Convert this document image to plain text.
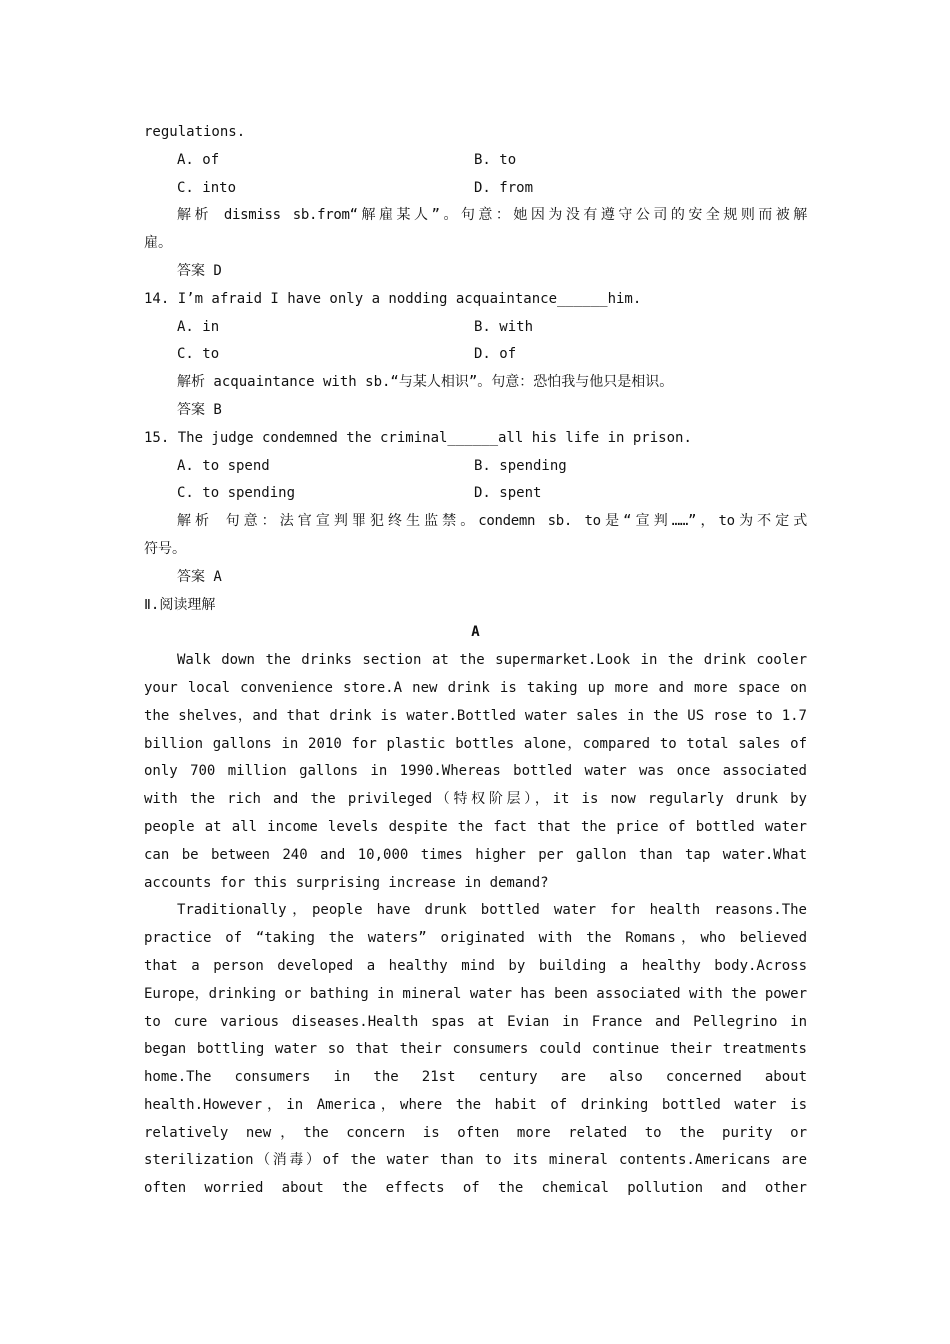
regulations.
A. of	B. to
C. into	D. from
解析 dismiss sb.from“解雇某人”。句意：她因为没有遵守公司的安全规则而被解
雇。
答案 D
14. I’m afraid I have only a nodding acquaintance______him.
A. in	B. with
C. to	D. of
解析 acquaintance with sb.“与某人相识”。句意：恐怕我与他只是相识。
答案 B
15. The judge condemned the criminal______all his life in prison.
A. to spend	B. spending
C. to spending	D. spent
解析 句意：法官宣判罪犯终生监禁。condemn sb. to是“宣判……”，to为不定式
符号。
答案 A
Ⅱ.阅读理解
A
Walk down the drinks section at the supermarket.Look in the drink cooler
your local convenience store.A new drink is taking up more and more space on
the shelves，and that drink is water.Bottled water sales in the US rose to 1.7
billion gallons in 2010 for plastic bottles alone，compared to total sales of
only 700 million gallons in 1990.Whereas bottled water was once associated
with the rich and the privileged（特权阶层），it is now regularly drunk by
people at all income levels despite the fact that the price of bottled water
can be between 240 and 10,000 times higher per gallon than tap water.What
accounts for this surprising increase in demand?
Traditionally，people have drunk bottled water for health reasons.The
practice of “taking the waters” originated with the Romans，who believed
that a person developed a healthy mind by building a healthy body.Across
Europe，drinking or bathing in mineral water has been associated with the power
to cure various diseases.Health spas at Evian in France and Pellegrino in
began bottling water so that their consumers could continue their treatments
home.The consumers in the 21st century are also concerned about
health.However，in America，where the habit of drinking bottled water is
relatively new，the concern is often more related to the purity or
sterilization（消毒）of the water than to its mineral contents.Americans are
often worried about the effects of the chemical pollution and other
